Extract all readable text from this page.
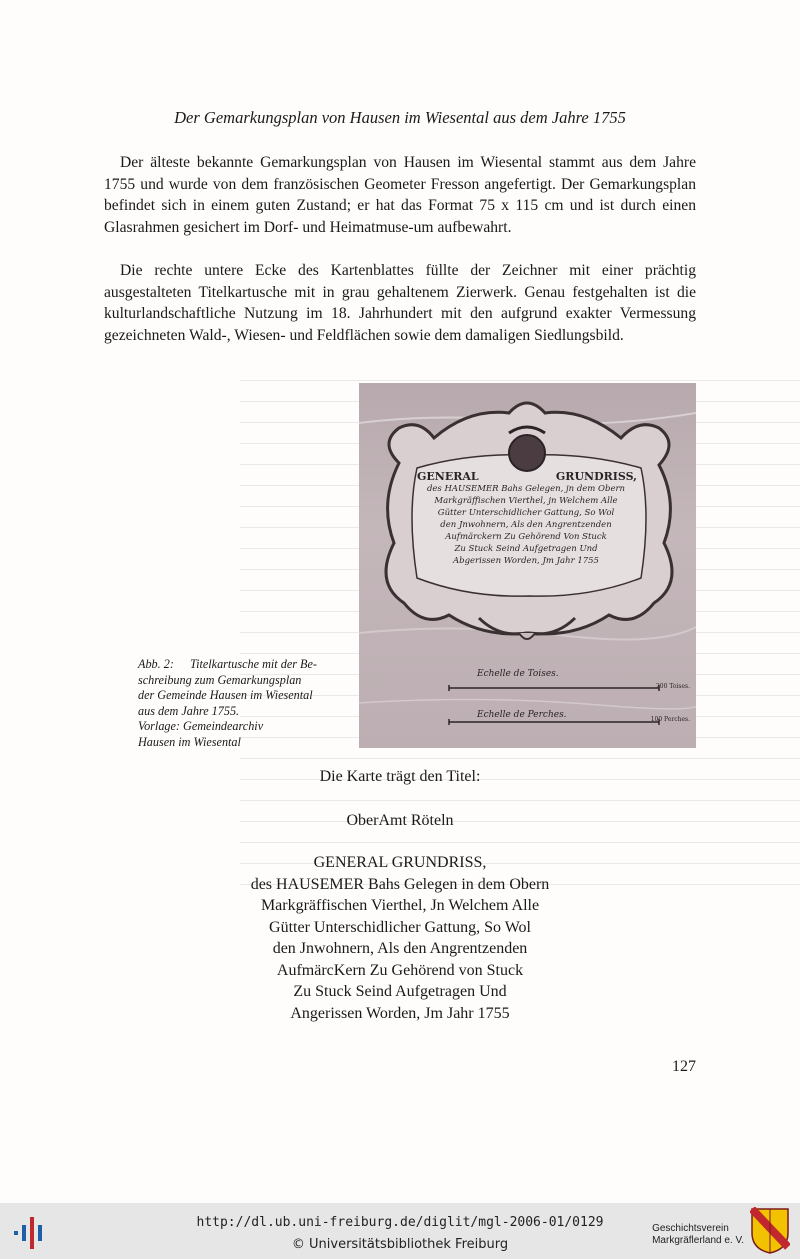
Der Gemarkungsplan von Hausen im Wiesental aus dem Jahre 1755

Der älteste bekannte Gemarkungsplan von Hausen im Wiesental stammt aus dem Jahre 1755 und wurde von dem französischen Geometer Fresson angefertigt. Der Gemarkungsplan befindet sich in einem guten Zustand; er hat das Format 75 x 115 cm und ist durch einen Glasrahmen gesichert im Dorf- und Heimatmuse-um aufbewahrt.

Die rechte untere Ecke des Kartenblattes füllte der Zeichner mit einer prächtig ausgestalteten Titelkartusche mit in grau gehaltenem Zierwerk. Genau festgehalten ist die kulturlandschaftliche Nutzung im 18. Jahrhundert mit den aufgrund exakter Vermessung gezeichneten Wald-, Wiesen- und Feldflächen sowie dem damaligen Siedlungsbild.

GENERAL	GRUNDRISS,
des HAUSEMER Bahs Gelegen, jn dem Obern
Markgräffischen Vierthel, jn Welchem Alle
Gütter Unterschidlicher Gattung, So Wol
den Jnwohnern, Als den Angrentzenden
Aufmärckern Zu Gehörend Von Stuck
Zu Stuck Seind Aufgetragen Und
Abgerissen Worden, Jm Jahr 1755
Echelle de Toises.
200 Toises.
Echelle de Perches.	100 Perches.
Abb. 2: Titelkartusche mit der Be-
schreibung zum Gemarkungsplan
der Gemeinde Hausen im Wiesental
aus dem Jahre 1755.
Vorlage: Gemeindearchiv
Hausen im Wiesental
Die Karte trägt den Titel:
OberAmt Röteln
GENERAL GRUNDRISS,
des HAUSEMER Bahs Gelegen in dem Obern
Markgräffischen Vierthel, Jn Welchem Alle
Gütter Unterschidlicher Gattung, So Wol
den Jnwohnern, Als den Angrentzenden
AufmärcKern Zu Gehörend von Stuck
Zu Stuck Seind Aufgetragen Und
Angerissen Worden, Jm Jahr 1755
127
http://dl.ub.uni-freiburg.de/diglit/mgl-2006-01/0129
© Universitätsbibliothek Freiburg
Geschichtsverein
Markgräflerland e. V.
